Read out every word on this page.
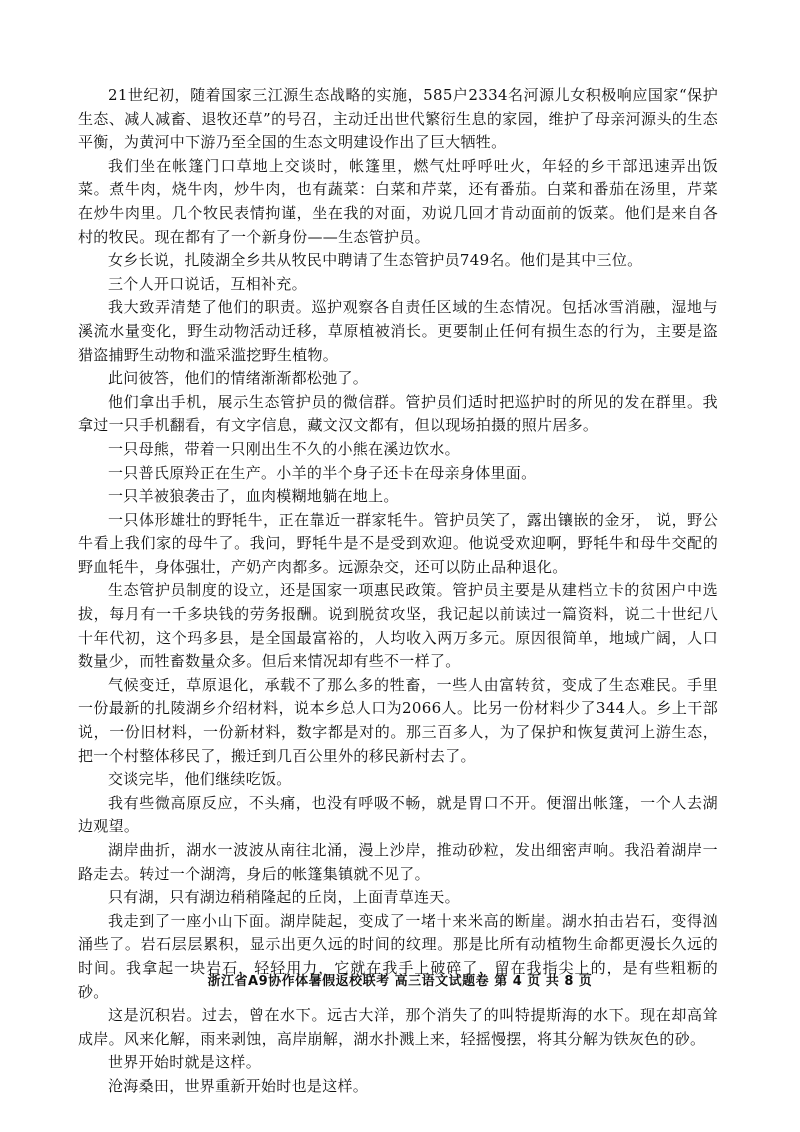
21世纪初，随着国家三江源生态战略的实施，585户2334名河源儿女积极响应国家“保护生态、减人减畜、退牧还草”的号召，主动迁出世代繁衍生息的家园，维护了母亲河源头的生态平衡，为黄河中下游乃至全国的生态文明建设作出了巨大牺牲。

我们坐在帐篷门口草地上交谈时，帐篷里，燃气灶呼呼吐火，年轻的乡干部迅速弄出饭菜。煮牛肉，烧牛肉，炒牛肉，也有蔬菜：白菜和芹菜，还有番茄。白菜和番茄在汤里，芹菜在炒牛肉里。几个牧民表情拘谨，坐在我的对面，劝说几回才肯动面前的饭菜。他们是来自各村的牧民。现在都有了一个新身份——生态管护员。

女乡长说，扎陵湖全乡共从牧民中聘请了生态管护员749名。他们是其中三位。

三个人开口说话，互相补充。

我大致弄清楚了他们的职责。巡护观察各自责任区域的生态情况。包括冰雪消融，湿地与溪流水量变化，野生动物活动迁移，草原植被消长。更要制止任何有损生态的行为，主要是盗猎盗捕野生动物和滥采滥挖野生植物。

此问彼答，他们的情绪渐渐都松弛了。

他们拿出手机，展示生态管护员的微信群。管护员们适时把巡护时的所见的发在群里。我拿过一只手机翻看，有文字信息，藏文汉文都有，但以现场拍摄的照片居多。

一只母熊，带着一只刚出生不久的小熊在溪边饮水。

一只普氏原羚正在生产。小羊的半个身子还卡在母亲身体里面。

一只羊被狼袭击了，血肉模糊地躺在地上。

一只体形雄壮的野牦牛，正在靠近一群家牦牛。管护员笑了，露出镶嵌的金牙， 说，野公牛看上我们家的母牛了。我问，野牦牛是不是受到欢迎。他说受欢迎啊，野牦牛和母牛交配的野血牦牛，身体强壮，产奶产肉都多。远源杂交，还可以防止品种退化。

生态管护员制度的设立，还是国家一项惠民政策。管护员主要是从建档立卡的贫困户中选拔，每月有一千多块钱的劳务报酬。说到脱贫攻坚，我记起以前读过一篇资料，说二十世纪八十年代初，这个玛多县，是全国最富裕的，人均收入两万多元。原因很简单，地域广阔，人口数量少，而牲畜数量众多。但后来情况却有些不一样了。

气候变迁，草原退化，承载不了那么多的牲畜，一些人由富转贫，变成了生态难民。手里一份最新的扎陵湖乡介绍材料，说本乡总人口为2066人。比另一份材料少了344人。乡上干部说，一份旧材料，一份新材料，数字都是对的。那三百多人，为了保护和恢复黄河上游生态，把一个村整体移民了，搬迁到几百公里外的移民新村去了。

交谈完毕，他们继续吃饭。

我有些微高原反应，不头痛，也没有呼吸不畅，就是胃口不开。便溜出帐篷，一个人去湖边观望。

湖岸曲折，湖水一波波从南往北涌，漫上沙岸，推动砂粒，发出细密声响。我沿着湖岸一路走去。转过一个湖湾，身后的帐篷集镇就不见了。

只有湖，只有湖边稍稍隆起的丘岗，上面青草连天。

我走到了一座小山下面。湖岸陡起，变成了一堵十来米高的断崖。湖水拍击岩石，变得汹涌些了。岩石层层累积，显示出更久远的时间的纹理。那是比所有动植物生命都更漫长久远的时间。我拿起一块岩石，轻轻用力，它就在我手上破碎了，留在我指尖上的，是有些粗粝的砂。

这是沉积岩。过去，曾在水下。远古大洋，那个消失了的叫特提斯海的水下。现在却高耸成岸。风来化解，雨来剥蚀，高岸崩解，湖水扑溅上来，轻摇慢摆，将其分解为铁灰色的砂。

世界开始时就是这样。

沧海桑田，世界重新开始时也是这样。

浙江省A9协作体暑假返校联考 高三语文试题卷 第 4 页 共 8 页
